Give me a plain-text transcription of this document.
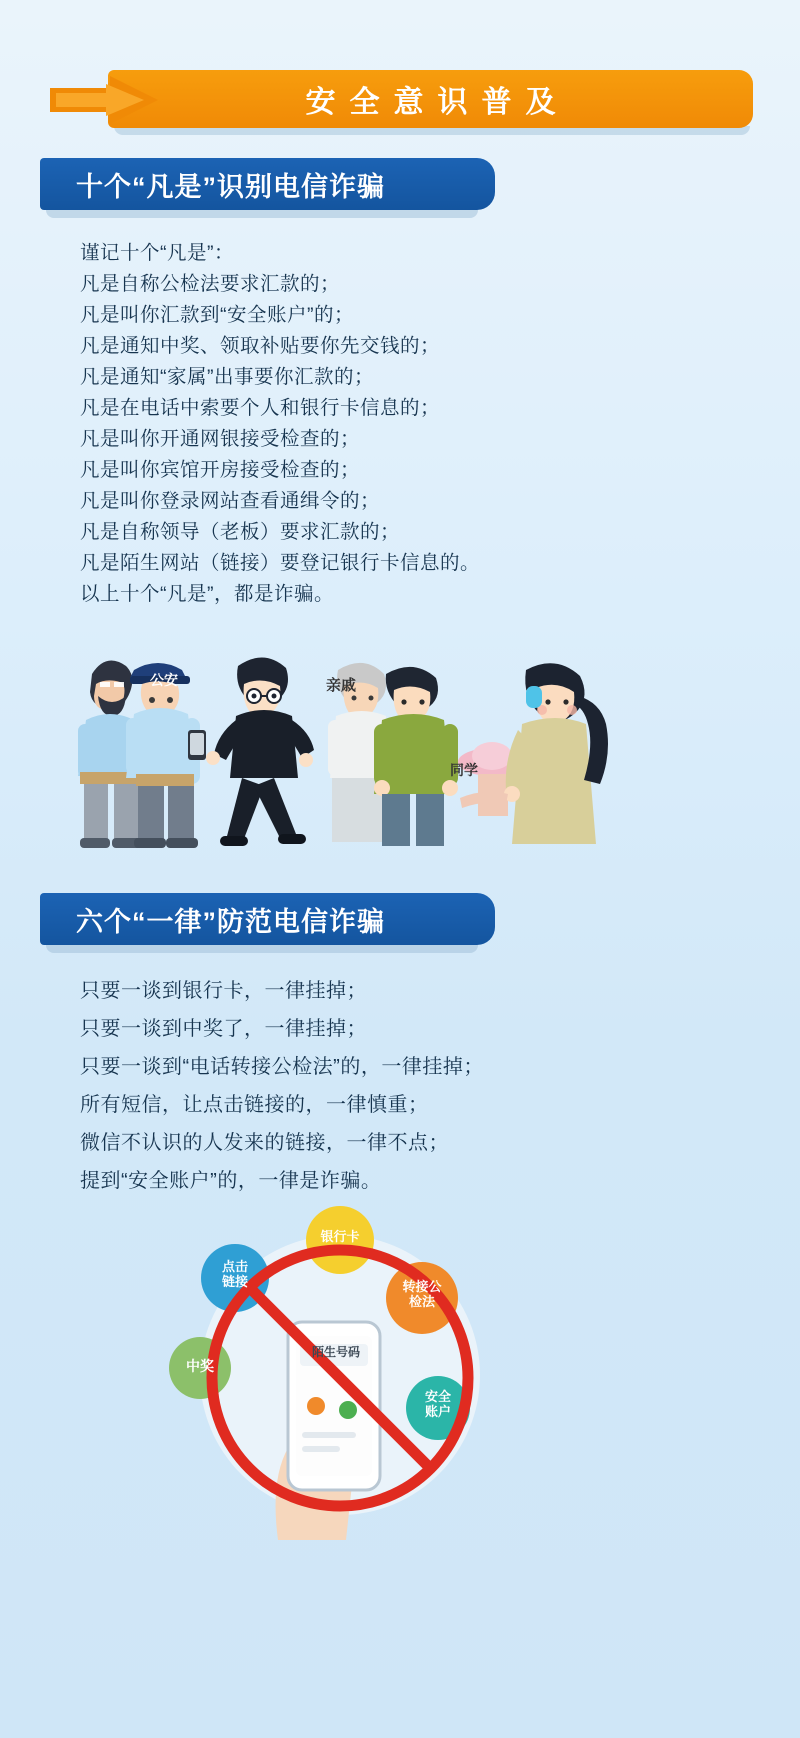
安全意识普及
十个“凡是”识别电信诈骗
谨记十个“凡是”：
凡是自称公检法要求汇款的；
凡是叫你汇款到“安全账户”的；
凡是通知中奖、领取补贴要你先交钱的；
凡是通知“家属”出事要你汇款的；
凡是在电话中索要个人和银行卡信息的；
凡是叫你开通网银接受检查的；
凡是叫你宾馆开房接受检查的；
凡是叫你登录网站查看通缉令的；
凡是自称领导（老板）要求汇款的；
凡是陌生网站（链接）要登记银行卡信息的。
以上十个“凡是”，都是诈骗。
公安	亲戚
同学
六个“一律”防范电信诈骗
只要一谈到银行卡，一律挂掉；
只要一谈到中奖了，一律挂掉；
只要一谈到“电话转接公检法”的，一律挂掉；
所有短信，让点击链接的，一律慎重；
微信不认识的人发来的链接，一律不点；
提到“安全账户”的，一律是诈骗。
银行卡
点击
链接	转接公
检法
中奖
安全
账户
陌生号码
